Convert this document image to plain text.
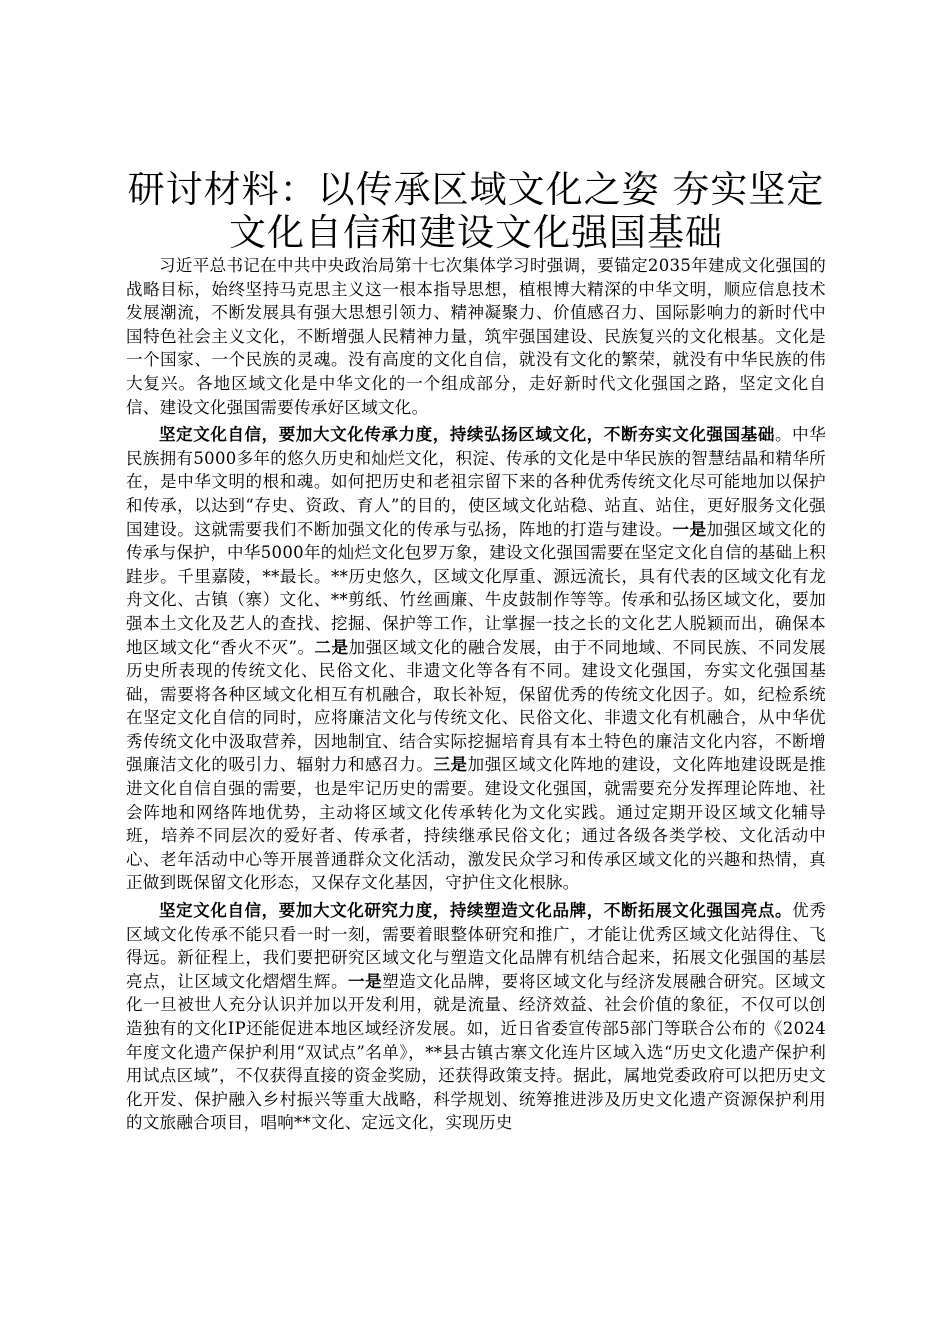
研讨材料：以传承区域文化之姿 夯实坚定文化自信和建设文化强国基础

习近平总书记在中共中央政治局第十七次集体学习时强调，要锚定2035年建成文化强国的战略目标，始终坚持马克思主义这一根本指导思想，植根博大精深的中华文明，顺应信息技术发展潮流，不断发展具有强大思想引领力、精神凝聚力、价值感召力、国际影响力的新时代中国特色社会主义文化，不断增强人民精神力量，筑牢强国建设、民族复兴的文化根基。文化是一个国家、一个民族的灵魂。没有高度的文化自信，就没有文化的繁荣，就没有中华民族的伟大复兴。各地区域文化是中华文化的一个组成部分，走好新时代文化强国之路，坚定文化自信、建设文化强国需要传承好区域文化。

坚定文化自信，要加大文化传承力度，持续弘扬区域文化，不断夯实文化强国基础。中华民族拥有5000多年的悠久历史和灿烂文化，积淀、传承的文化是中华民族的智慧结晶和精华所在，是中华文明的根和魂。如何把历史和老祖宗留下来的各种优秀传统文化尽可能地加以保护和传承，以达到“存史、资政、育人”的目的，使区域文化站稳、站直、站住，更好服务文化强国建设。这就需要我们不断加强文化的传承与弘扬，阵地的打造与建设。一是加强区域文化的传承与保护，中华5000年的灿烂文化包罗万象，建设文化强国需要在坚定文化自信的基础上积跬步。千里嘉陵，**最长。**历史悠久，区域文化厚重、源远流长，具有代表的区域文化有龙舟文化、古镇（寨）文化、**剪纸、竹丝画廉、牛皮鼓制作等等。传承和弘扬区域文化，要加强本土文化及艺人的查找、挖掘、保护等工作，让掌握一技之长的文化艺人脱颖而出，确保本地区域文化“香火不灭”。二是加强区域文化的融合发展，由于不同地域、不同民族、不同发展历史所表现的传统文化、民俗文化、非遗文化等各有不同。建设文化强国，夯实文化强国基础，需要将各种区域文化相互有机融合，取长补短，保留优秀的传统文化因子。如，纪检系统在坚定文化自信的同时，应将廉洁文化与传统文化、民俗文化、非遗文化有机融合，从中华优秀传统文化中汲取营养，因地制宜、结合实际挖掘培育具有本土特色的廉洁文化内容，不断增强廉洁文化的吸引力、辐射力和感召力。三是加强区域文化阵地的建设，文化阵地建设既是推进文化自信自强的需要，也是牢记历史的需要。建设文化强国，就需要充分发挥理论阵地、社会阵地和网络阵地优势，主动将区域文化传承转化为文化实践。通过定期开设区域文化辅导班，培养不同层次的爱好者、传承者，持续继承民俗文化；通过各级各类学校、文化活动中心、老年活动中心等开展普通群众文化活动，激发民众学习和传承区域文化的兴趣和热情，真正做到既保留文化形态，又保存文化基因，守护住文化根脉。

坚定文化自信，要加大文化研究力度，持续塑造文化品牌，不断拓展文化强国亮点。优秀区域文化传承不能只看一时一刻，需要着眼整体研究和推广，才能让优秀区域文化站得住、飞得远。新征程上，我们要把研究区域文化与塑造文化品牌有机结合起来，拓展文化强国的基层亮点，让区域文化熠熠生辉。一是塑造文化品牌，要将区域文化与经济发展融合研究。区域文化一旦被世人充分认识并加以开发利用，就是流量、经济效益、社会价值的象征，不仅可以创造独有的文化IP还能促进本地区域经济发展。如，近日省委宣传部5部门等联合公布的《2024年度文化遗产保护利用“双试点”名单》，**县古镇古寨文化连片区域入选“历史文化遗产保护利用试点区域”，不仅获得直接的资金奖励，还获得政策支持。据此，属地党委政府可以把历史文化开发、保护融入乡村振兴等重大战略，科学规划、统筹推进涉及历史文化遗产资源保护利用的文旅融合项目，唱响**文化、定远文化，实现历史
